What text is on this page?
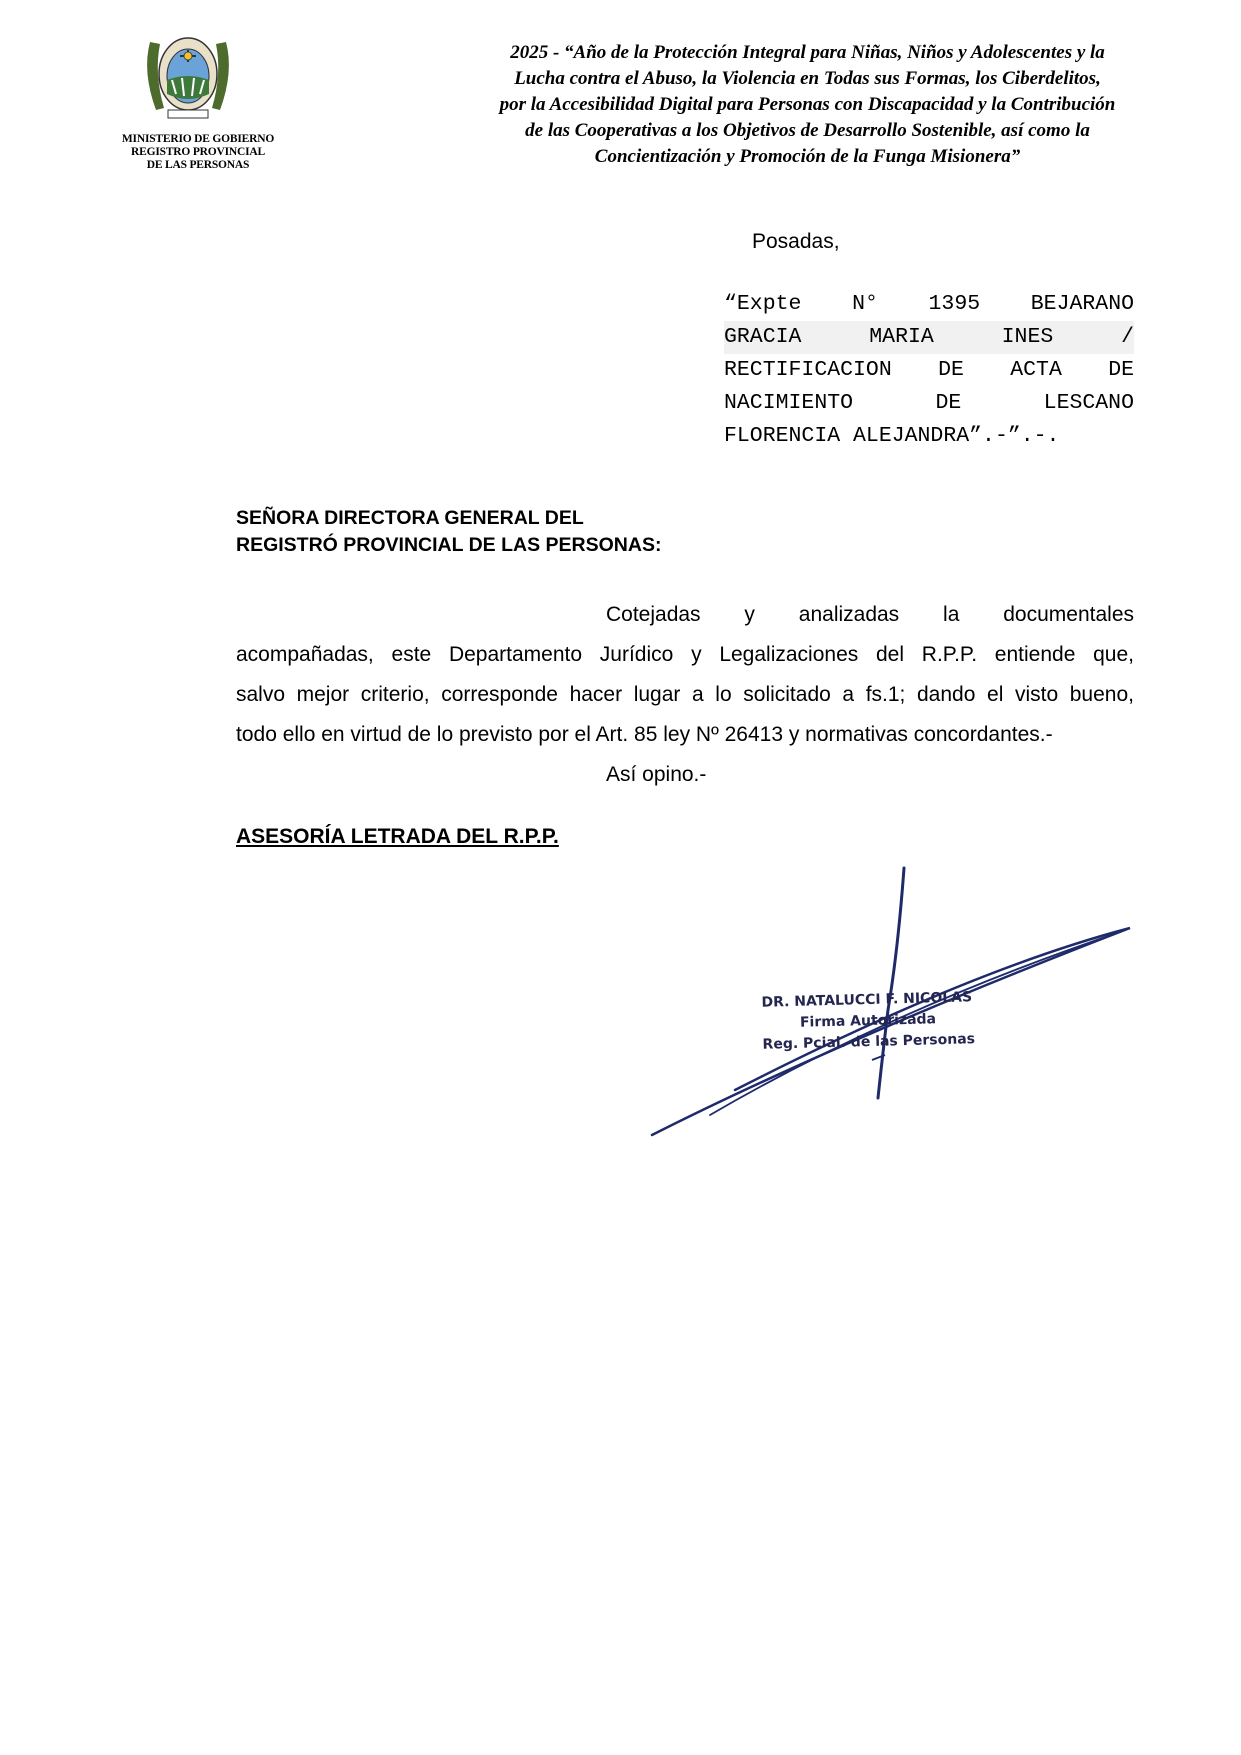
MINISTERIO DE GOBIERNO
REGISTRO PROVINCIAL
DE LAS PERSONAS
2025 - “Año de la Protección Integral para Niñas, Niños y Adolescentes y la
Lucha contra el Abuso, la Violencia en Todas sus Formas, los Ciberdelitos,
por la Accesibilidad Digital para Personas con Discapacidad y la Contribución
de las Cooperativas a los Objetivos de Desarrollo Sostenible, así como la
Concientización y Promoción de la Funga Misionera”
Posadas,
“Expte N° 1395 BEJARANO
GRACIA MARIA INES /
RECTIFICACION DE ACTA DE
NACIMIENTO DE LESCANO
FLORENCIA ALEJANDRA”.-”.-.
SEÑORA DIRECTORA GENERAL DEL
REGISTRÓ PROVINCIAL DE LAS PERSONAS:
Cotejadas y analizadas la documentales
acompañadas, este Departamento Jurídico y Legalizaciones del R.P.P. entiende que,
salvo mejor criterio, corresponde hacer lugar a lo solicitado a fs.1; dando el visto bueno,
todo ello en virtud de lo previsto por el Art. 85 ley Nº 26413 y normativas concordantes.-
Así opino.-
ASESORÍA LETRADA DEL R.P.P.
DR. NATALUCCI F. NICOLAS
Firma Autorizada
Reg. Pcial. de las Personas
